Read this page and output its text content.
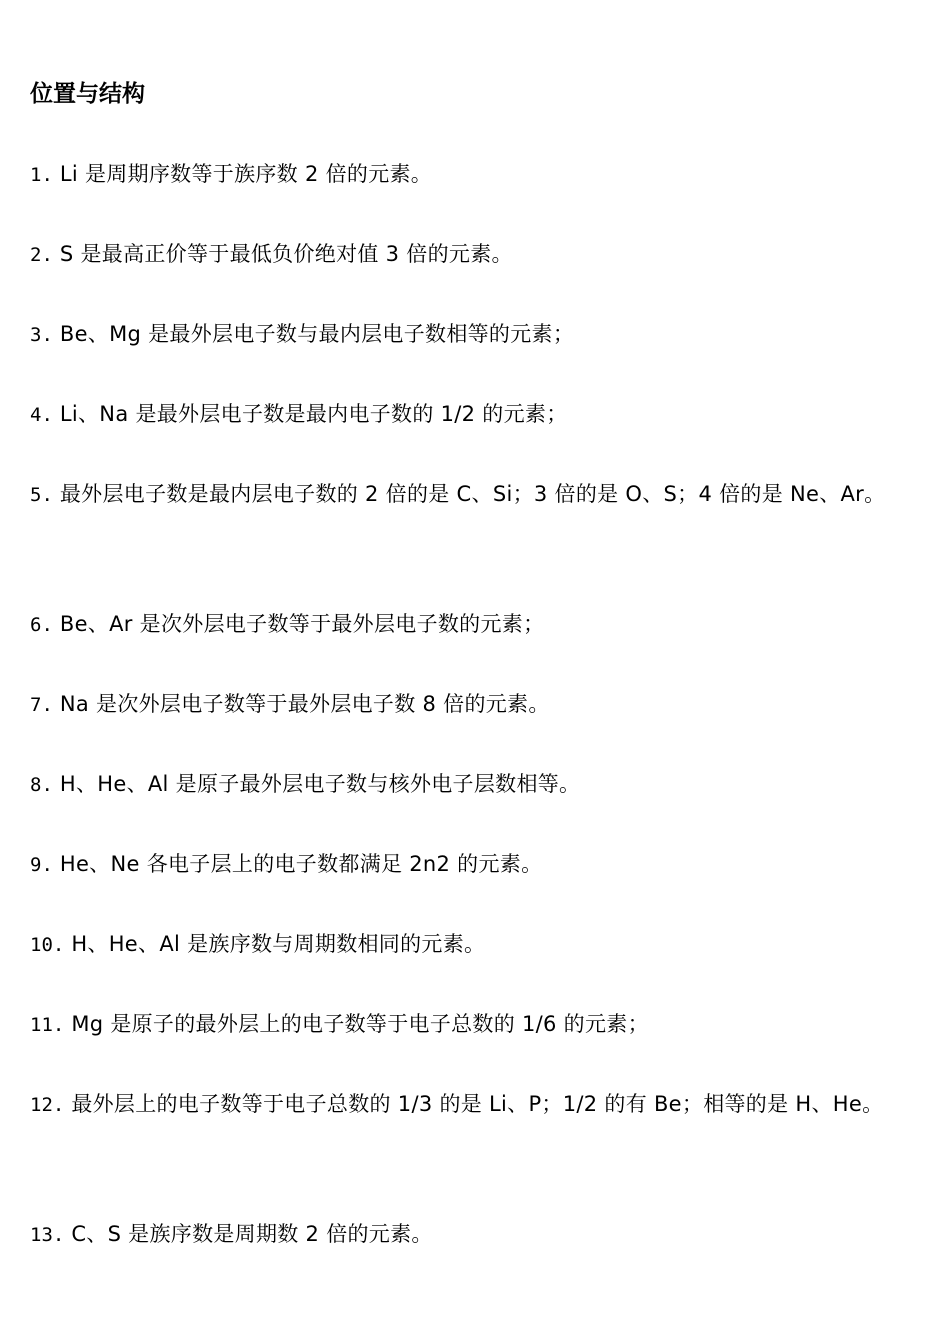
位置与结构
1. Li 是周期序数等于族序数 2 倍的元素。
2. S 是最高正价等于最低负价绝对值 3 倍的元素。
3. Be、Mg 是最外层电子数与最内层电子数相等的元素；
4. Li、Na 是最外层电子数是最内电子数的 1/2 的元素；
5. 最外层电子数是最内层电子数的 2 倍的是 C、Si；3 倍的是 O、S；4 倍的是 Ne、Ar。
6. Be、Ar 是次外层电子数等于最外层电子数的元素；
7. Na 是次外层电子数等于最外层电子数 8 倍的元素。
8. H、He、Al 是原子最外层电子数与核外电子层数相等。
9. He、Ne 各电子层上的电子数都满足 2n2 的元素。
10. H、He、Al 是族序数与周期数相同的元素。
11. Mg 是原子的最外层上的电子数等于电子总数的 1/6 的元素；
12. 最外层上的电子数等于电子总数的 1/3 的是 Li、P；1/2 的有 Be；相等的是 H、He。
13. C、S 是族序数是周期数 2 倍的元素。
